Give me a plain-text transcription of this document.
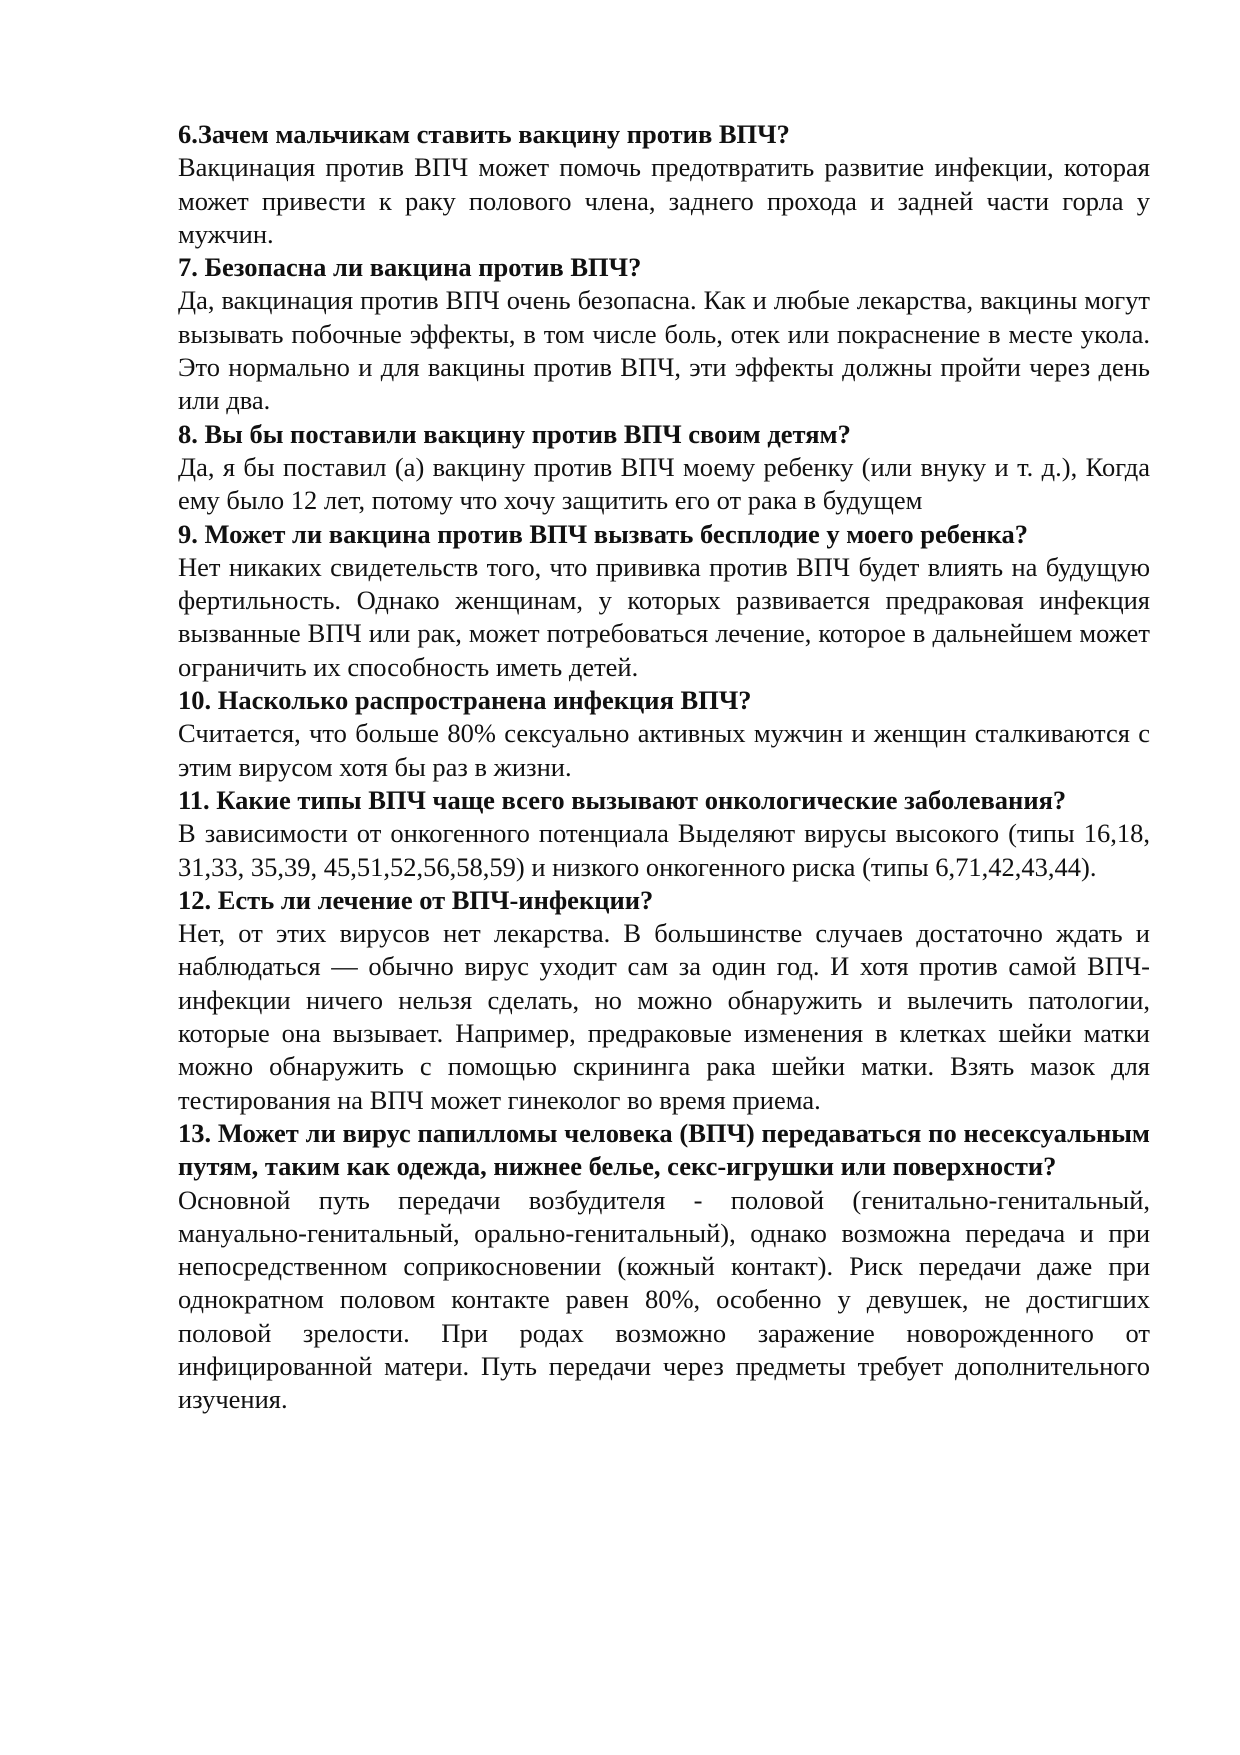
6.Зачем мальчикам ставить вакцину против ВПЧ?

Вакцинация против ВПЧ может помочь предотвратить развитие инфекции, которая может привести к раку полового члена, заднего прохода и задней части горла у мужчин.

7. Безопасна ли вакцина против ВПЧ?

Да, вакцинация против ВПЧ очень безопасна. Как и любые лекарства, вакцины могут вызывать побочные эффекты, в том числе боль, отек или покраснение в месте укола. Это нормально и для вакцины против ВПЧ, эти эффекты должны пройти через день или два.

8. Вы бы поставили вакцину против ВПЧ своим детям?

Да, я бы поставил (а) вакцину против ВПЧ моему ребенку (или внуку и т. д.), Когда ему было 12 лет, потому что хочу защитить его от рака в будущем

9. Может ли вакцина против ВПЧ вызвать бесплодие у моего ребенка?

Нет никаких свидетельств того, что прививка против ВПЧ будет влиять на будущую фертильность. Однако женщинам, у которых развивается предраковая инфекция вызванные ВПЧ или рак, может потребоваться лечение, которое в дальнейшем может ограничить их способность иметь детей.

10. Насколько распространена инфекция ВПЧ?

Считается, что больше 80% сексуально активных мужчин и женщин сталкиваются с этим вирусом хотя бы раз в жизни.

11. Какие типы ВПЧ чаще всего вызывают онкологические заболевания?

В зависимости от онкогенного потенциала Выделяют вирусы высокого (типы 16,18, 31,33, 35,39, 45,51,52,56,58,59) и низкого онкогенного риска (типы 6,71,42,43,44).

12. Есть ли лечение от ВПЧ-инфекции?

Нет, от этих вирусов нет лекарства. В большинстве случаев достаточно ждать и наблюдаться — обычно вирус уходит сам за один год. И хотя против самой ВПЧ-инфекции ничего нельзя сделать, но можно обнаружить и вылечить патологии, которые она вызывает. Например, предраковые изменения в клетках шейки матки можно обнаружить с помощью скрининга рака шейки матки. Взять мазок для тестирования на ВПЧ может гинеколог во время приема.

13. Может ли вирус папилломы человека (ВПЧ) передаваться по несексуальным путям, таким как одежда, нижнее белье, секс-игрушки или поверхности?

Основной путь передачи возбудителя - половой (генитально-генитальный, мануально-генитальный, орально-генитальный), однако возможна передача и при непосредственном соприкосновении (кожный контакт). Риск передачи даже при однократном половом контакте равен 80%, особенно у девушек, не достигших половой зрелости. При родах возможно заражение новорожденного от инфицированной матери. Путь передачи через предметы требует дополнительного изучения.
